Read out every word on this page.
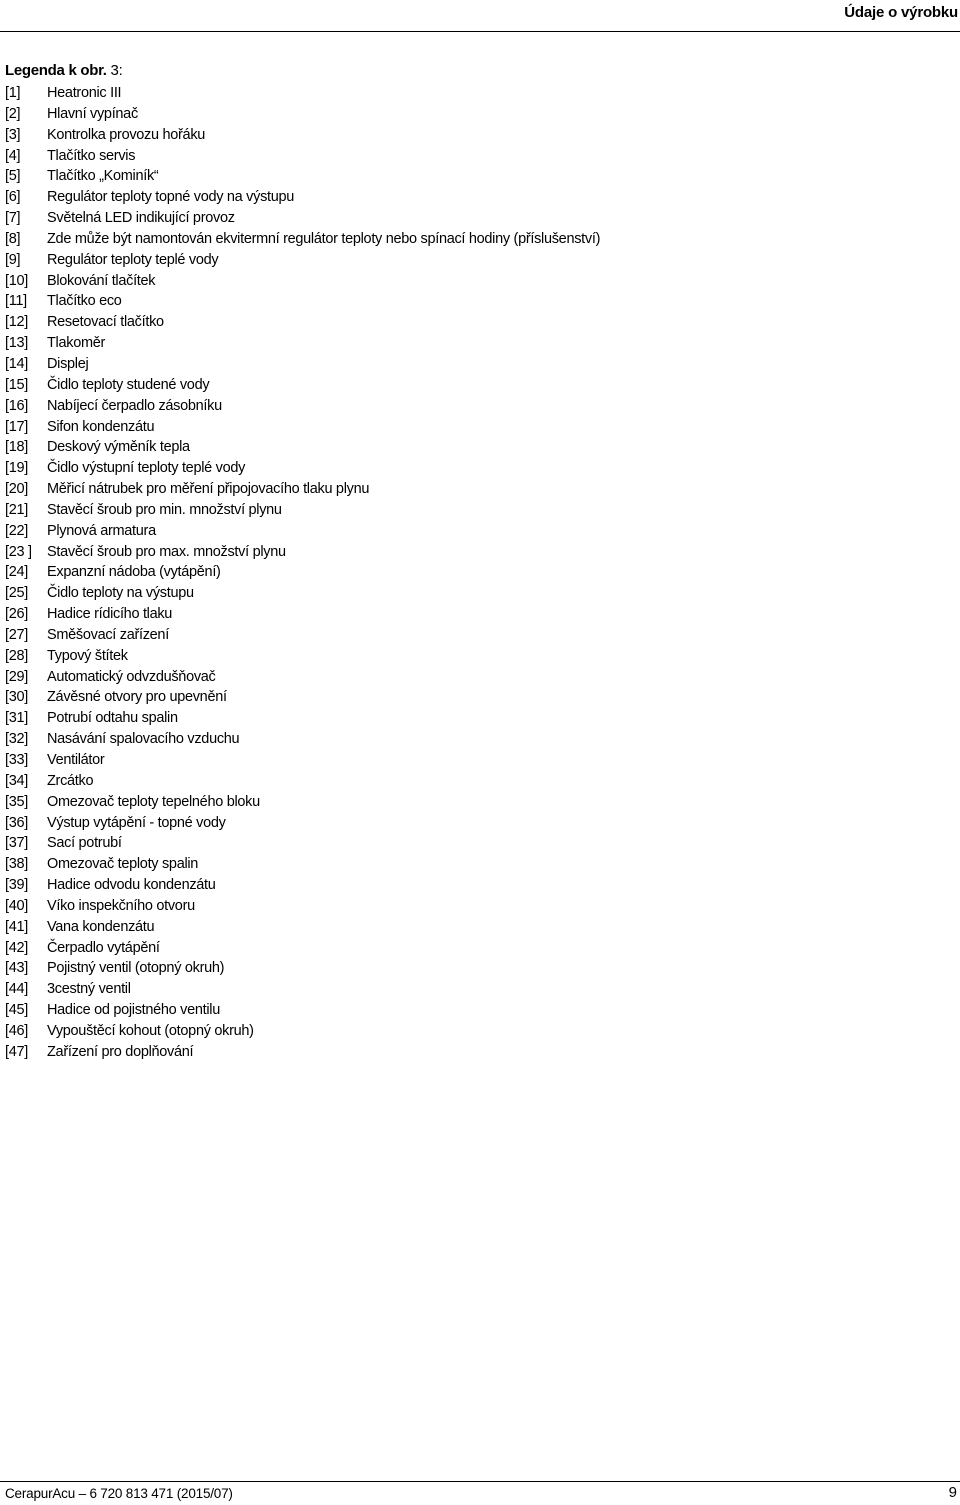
Údaje o výrobku
Legenda k obr. 3:
[1]	Heatronic III
[2]	Hlavní vypínač
[3]	Kontrolka provozu hořáku
[4]	Tlačítko servis
[5]	Tlačítko „Kominík“
[6]	Regulátor teploty topné vody na výstupu
[7]	Světelná LED indikující provoz
[8]	Zde může být namontován ekvitermní regulátor teploty nebo spínací hodiny (příslušenství)
[9]	Regulátor teploty teplé vody
[10]	Blokování tlačítek
[11]	Tlačítko eco
[12]	Resetovací tlačítko
[13]	Tlakoměr
[14]	Displej
[15]	Čidlo teploty studené vody
[16]	Nabíjecí čerpadlo zásobníku
[17]	Sifon kondenzátu
[18]	Deskový výměník tepla
[19]	Čidlo výstupní teploty teplé vody
[20]	Měřicí nátrubek pro měření připojovacího tlaku plynu
[21]	Stavěcí šroub pro min. množství plynu
[22]	Plynová armatura
[23 ]	Stavěcí šroub pro max. množství plynu
[24]	Expanzní nádoba (vytápění)
[25]	Čidlo teploty na výstupu
[26]	Hadice rídicího tlaku
[27]	Směšovací zařízení
[28]	Typový štítek
[29]	Automatický odvzdušňovač
[30]	Závěsné otvory pro upevnění
[31]	Potrubí odtahu spalin
[32]	Nasávání spalovacího vzduchu
[33]	Ventilátor
[34]	Zrcátko
[35]	Omezovač teploty tepelného bloku
[36]	Výstup vytápění - topné vody
[37]	Sací potrubí
[38]	Omezovač teploty spalin
[39]	Hadice odvodu kondenzátu
[40]	Víko inspekčního otvoru
[41]	Vana kondenzátu
[42]	Čerpadlo vytápění
[43]	Pojistný ventil (otopný okruh)
[44]	3cestný ventil
[45]	Hadice od pojistného ventilu
[46]	Vypouštěcí kohout (otopný okruh)
[47]	Zařízení pro doplňování
CerapurAcu – 6 720 813 471 (2015/07)	9
